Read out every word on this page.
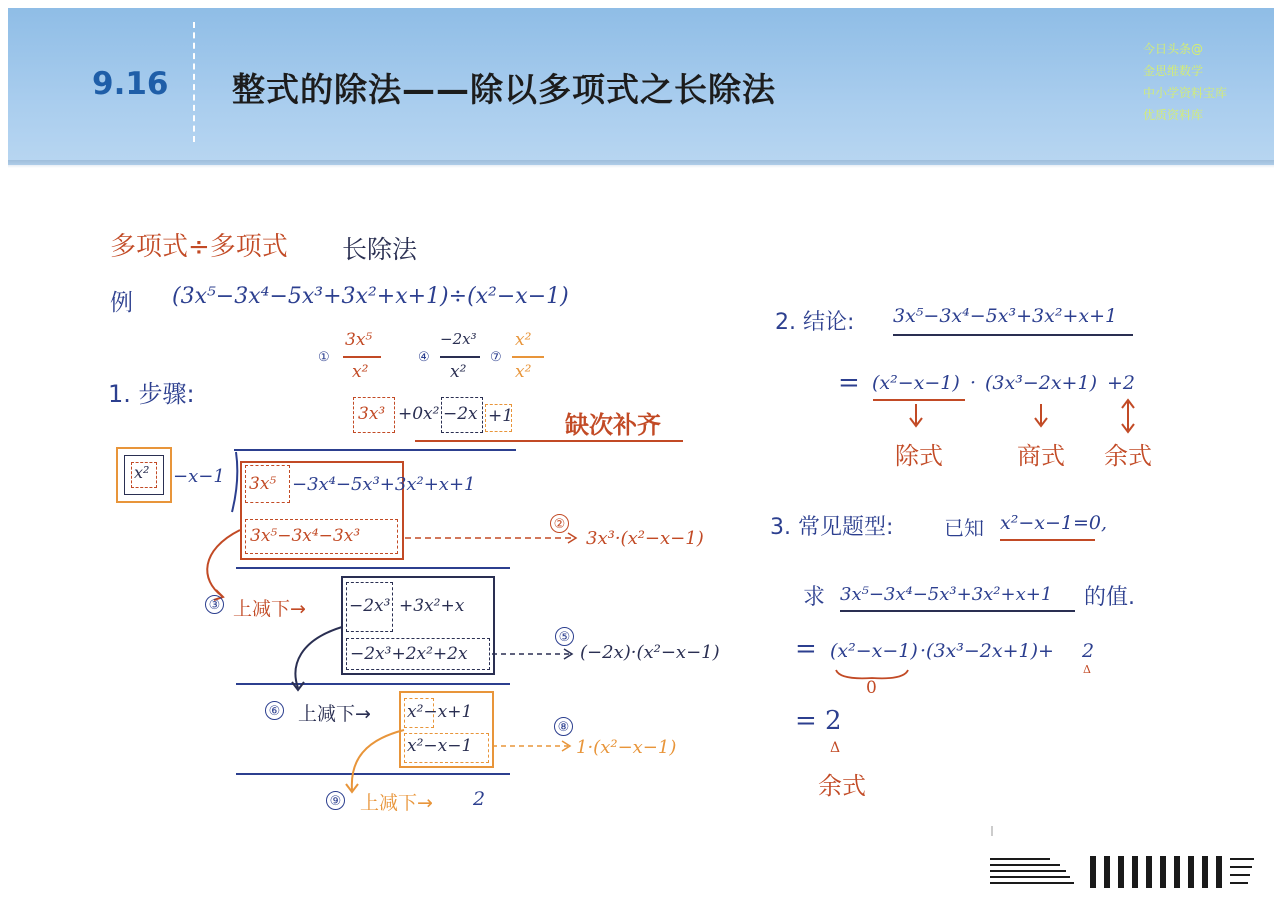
9.16 整式的除法——除以多项式之长除法
今日头条@
金思维数学
中小学资料宝库
优质资料库
多项式÷多项式 长除法
例 (3x⁵−3x⁴−5x³+3x²+x+1)÷(x²−x−1)
1. 步骤:
①
3x⁵
x²
④
−2x³
x²
⑦
x²
x²
3x³ +0x² −2x +1 缺次补齐
x² −x−1 3x⁵ −3x⁴−5x³+3x²+x+1
3x⁵−3x⁴−3x³
②
3x³·(x²−x−1)
③ 上减下→	−2x³ +3x²+x
−2x³+2x²+2x
⑤
(−2x)·(x²−x−1)
⑥ 上减下→ x²−x+1
x²−x−1
⑧
1·(x²−x−1)
⑨ 上减下→ 2
2. 结论: 3x⁵−3x⁴−5x³+3x²+x+1
= (x²−x−1) · (3x³−2x+1) +2
除式	商式 余式
3. 常见题型:	已知 x²−x−1=0,
求 3x⁵−3x⁴−5x³+3x²+x+1 的值.
= (x²−x−1) ·(3x³−2x+1)+ 2
Δ
0
= 2
Δ
余式
